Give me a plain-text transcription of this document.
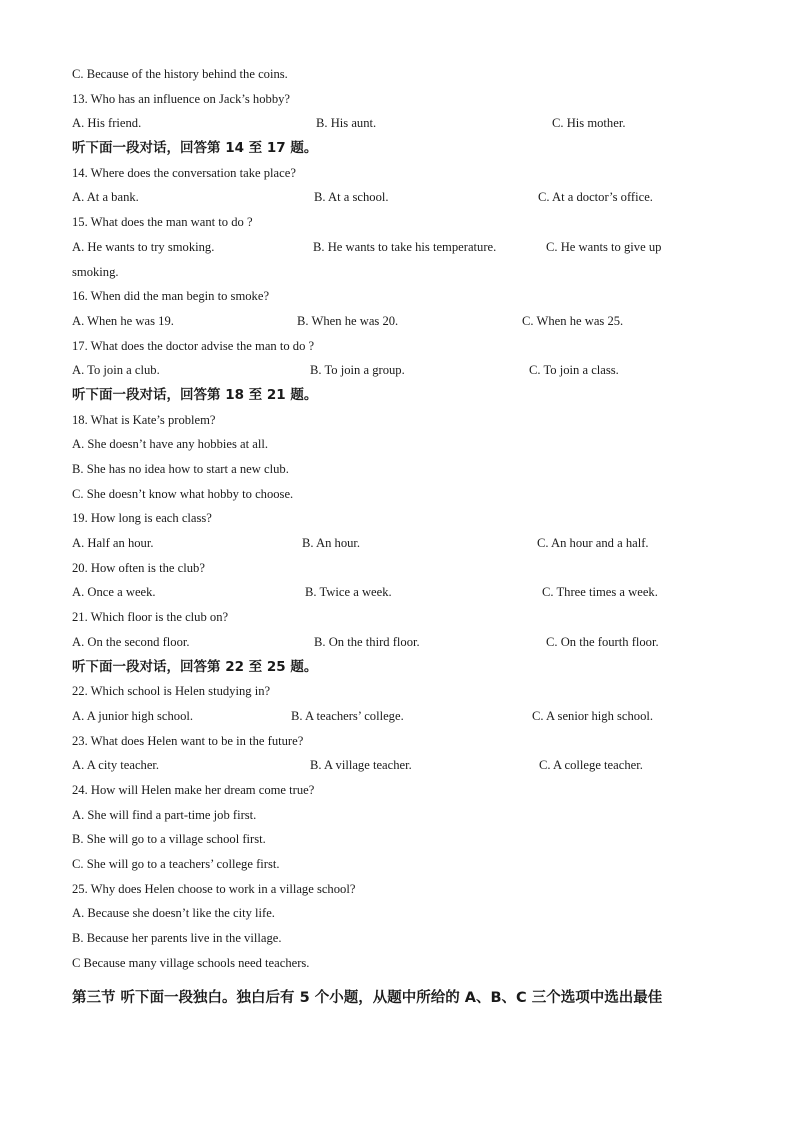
C. Because of the history behind the coins.
13. Who has an influence on Jack’s hobby?
A. His friend.	B. His aunt.	C. His mother.
听下面一段对话，回答第 14 至 17 题。
14. Where does the conversation take place?
A. At a bank.	B. At a school.	C. At a doctor’s office.
15. What does the man want to do ?
A. He wants to try smoking.	B. He wants to take his temperature.	C. He wants to give up
smoking.
16. When did the man begin to smoke?
A. When he was 19.	B. When he was 20.	C. When he was 25.
17. What does the doctor advise the man to do ?
A. To join a club.	B. To join a group.	C. To join a class.
听下面一段对话，回答第 18 至 21 题。
18. What is Kate’s problem?
A. She doesn’t have any hobbies at all.
B. She has no idea how to start a new club.
C. She doesn’t know what hobby to choose.
19. How long is each class?
A. Half an hour.	B. An hour.	C. An hour and a half.
20. How often is the club?
A. Once a week.	B. Twice a week.	C. Three times a week.
21. Which floor is the club on?
A. On the second floor.	B. On the third floor.	C. On the fourth floor.
听下面一段对话，回答第 22 至 25 题。
22. Which school is Helen studying in?
A. A junior high school.	B. A teachers’ college.	C. A senior high school.
23. What does Helen want to be in the future?
A. A city teacher.	B. A village teacher.	C. A college teacher.
24. How will Helen make her dream come true?
A. She will find a part-time job first.
B. She will go to a village school first.
C. She will go to a teachers’ college first.
25. Why does Helen choose to work in a village school?
A. Because she doesn’t like the city life.
B. Because her parents live in the village.
C Because many village schools need teachers.
第三节 听下面一段独白。独白后有 5 个小题，从题中所给的 A、B、C 三个选项中选出最佳
